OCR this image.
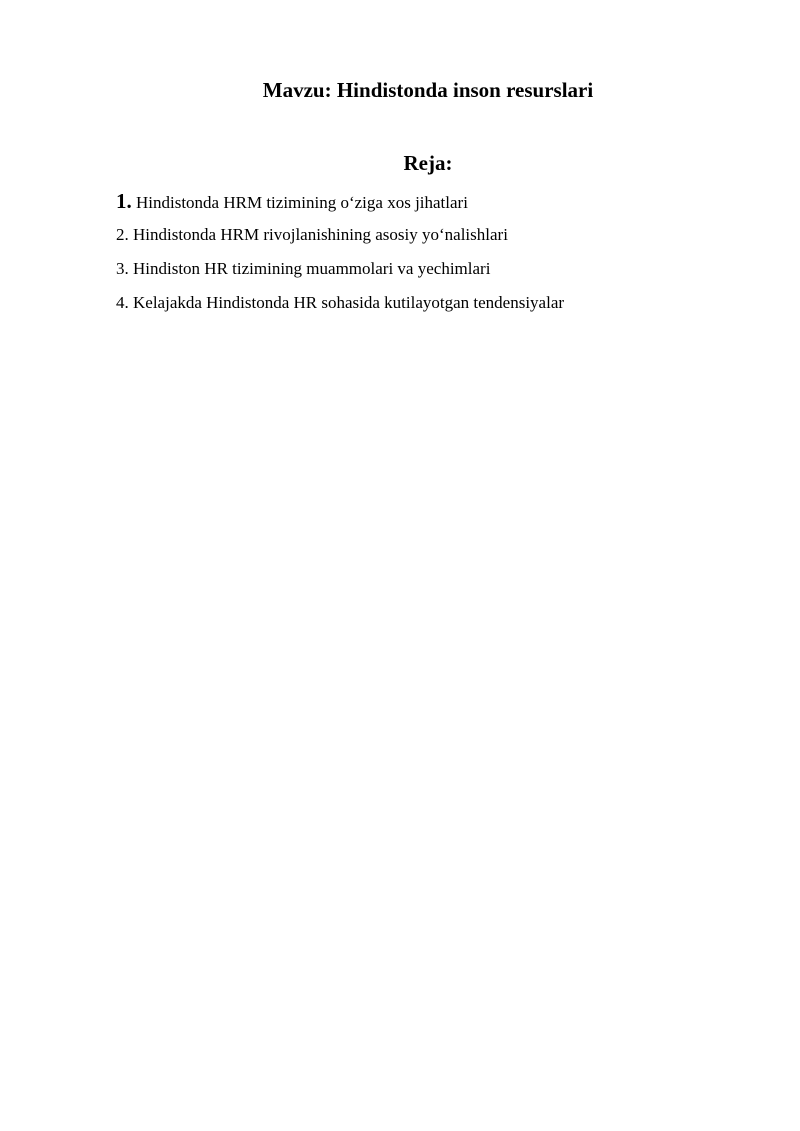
Mavzu: Hindistonda inson resurslari
Reja:
1. Hindistonda HRM tizimining o‘ziga xos jihatlari
2. Hindistonda HRM rivojlanishining asosiy yo‘nalishlari
3. Hindiston HR tizimining muammolari va yechimlari
4. Kelajakda Hindistonda HR sohasida kutilayotgan tendensiyalar
